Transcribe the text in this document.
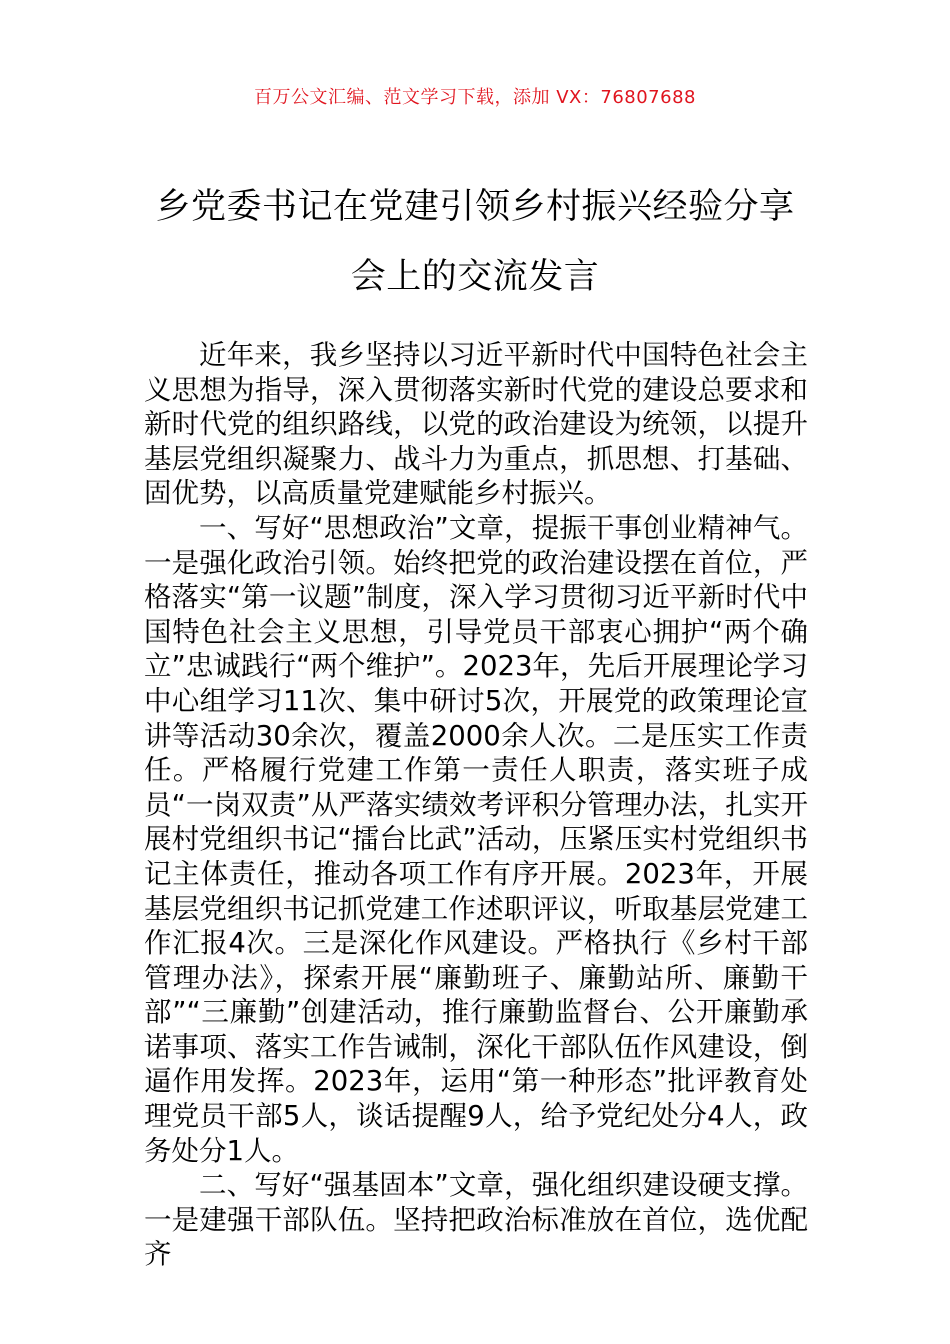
百万公文汇编、范文学习下载，添加 VX：76807688
乡党委书记在党建引领乡村振兴经验分享
会上的交流发言

近年来，我乡坚持以习近平新时代中国特色社会主义思想为指导，深入贯彻落实新时代党的建设总要求和新时代党的组织路线，以党的政治建设为统领，以提升基层党组织凝聚力、战斗力为重点，抓思想、打基础、固优势，以高质量党建赋能乡村振兴。

一、写好“思想政治”文章，提振干事创业精神气。一是强化政治引领。始终把党的政治建设摆在首位，严格落实“第一议题”制度，深入学习贯彻习近平新时代中国特色社会主义思想，引导党员干部衷心拥护“两个确立”忠诚践行“两个维护”。2023年，先后开展理论学习中心组学习11次、集中研讨5次，开展党的政策理论宣讲等活动30余次，覆盖2000余人次。二是压实工作责任。严格履行党建工作第一责任人职责，落实班子成员“一岗双责”从严落实绩效考评积分管理办法，扎实开展村党组织书记“擂台比武”活动，压紧压实村党组织书记主体责任，推动各项工作有序开展。2023年，开展基层党组织书记抓党建工作述职评议，听取基层党建工作汇报4次。三是深化作风建设。严格执行《乡村干部管理办法》，探索开展“廉勤班子、廉勤站所、廉勤干部”“三廉勤”创建活动，推行廉勤监督台、公开廉勤承诺事项、落实工作告诫制，深化干部队伍作风建设，倒逼作用发挥。2023年，运用“第一种形态”批评教育处理党员干部5人，谈话提醒9人，给予党纪处分4人，政务处分1人。

二、写好“强基固本”文章，强化组织建设硬支撑。一是建强干部队伍。坚持把政治标准放在首位，选优配齐
